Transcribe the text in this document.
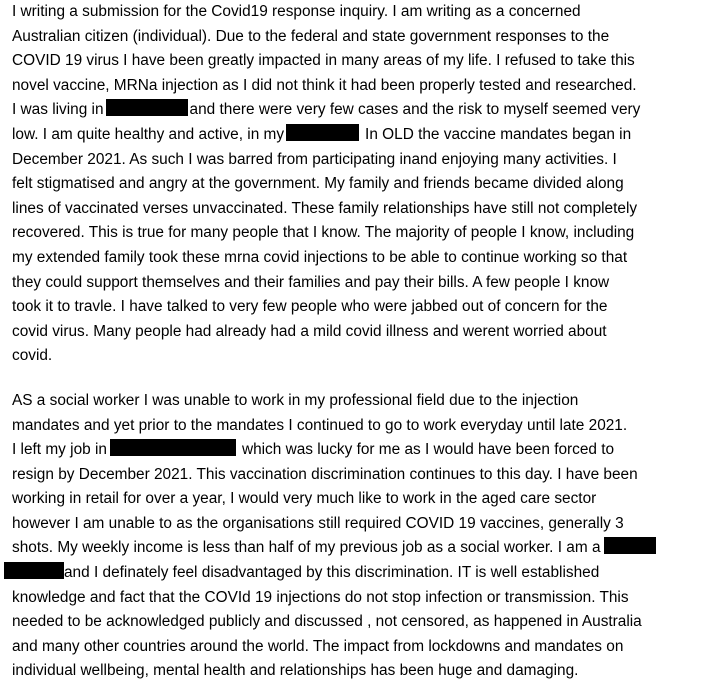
I writing a submission for the Covid19 response inquiry. I am writing as a concerned
Australian citizen (individual). Due to the federal and state government responses to the
COVID 19 virus I have been greatly impacted in many areas of my life. I refused to take this
novel vaccine, MRNa injection as I did not think it had been properly tested and researched.
I was living in	and there were very few cases and the risk to myself seemed very
low. I am quite healthy and active, in my	In OLD the vaccine mandates began in
December 2021. As such I was barred from participating inand enjoying many activities. I
felt stigmatised and angry at the government. My family and friends became divided along
lines of vaccinated verses unvaccinated. These family relationships have still not completely
recovered. This is true for many people that I know. The majority of people I know, including
my extended family took these mrna covid injections to be able to continue working so that
they could support themselves and their families and pay their bills. A few people I know
took it to travle. I have talked to very few people who were jabbed out of concern for the
covid virus. Many people had already had a mild covid illness and werent worried about
covid.
AS a social worker I was unable to work in my professional field due to the injection
mandates and yet prior to the mandates I continued to go to work everyday until late 2021.
I left my job in	which was lucky for me as I would have been forced to
resign by December 2021. This vaccination discrimination continues to this day. I have been
working in retail for over a year, I would very much like to work in the aged care sector
however I am unable to as the organisations still required COVID 19 vaccines, generally 3
shots. My weekly income is less than half of my previous job as a social worker. I am a
and I definately feel disadvantaged by this discrimination. IT is well established
knowledge and fact that the COVId 19 injections do not stop infection or transmission. This
needed to be acknowledged publicly and discussed , not censored, as happened in Australia
and many other countries around the world. The impact from lockdowns and mandates on
individual wellbeing, mental health and relationships has been huge and damaging.
